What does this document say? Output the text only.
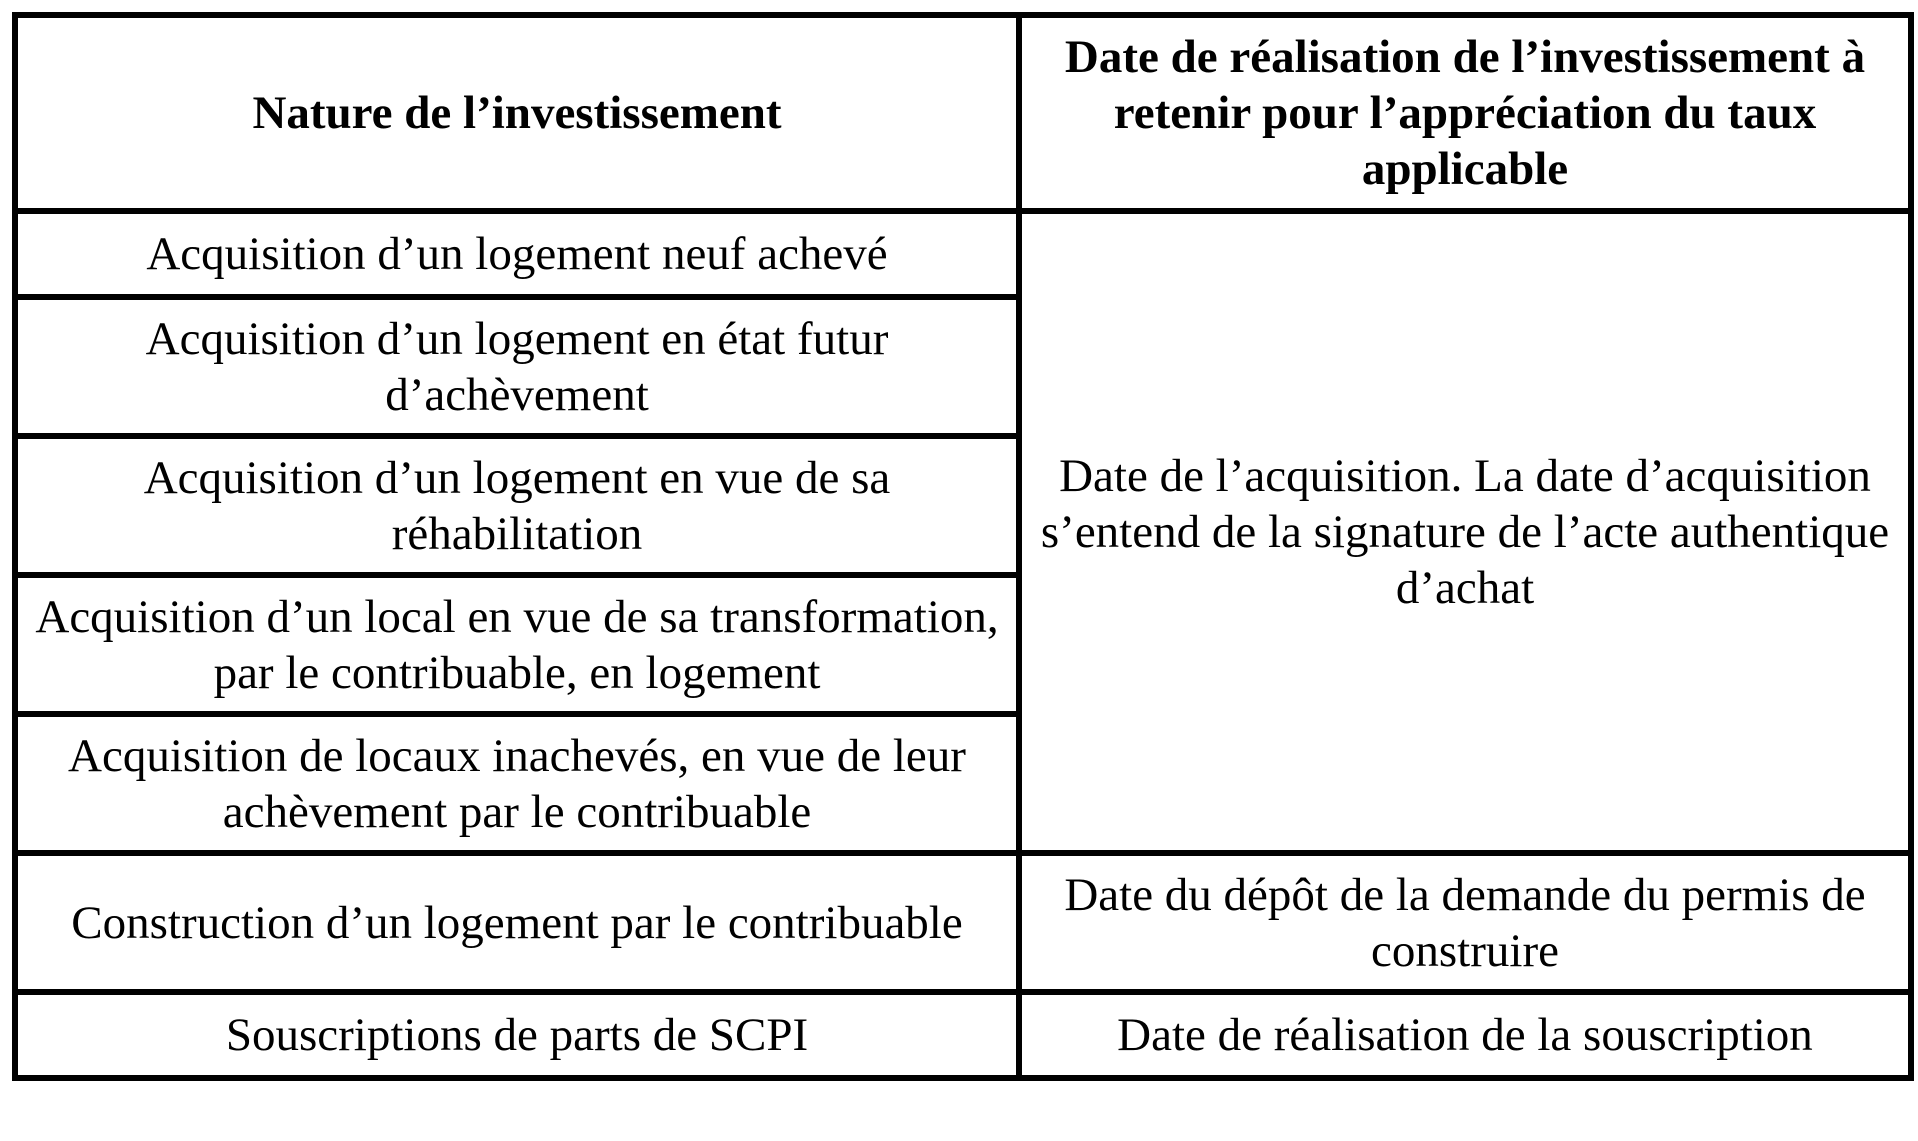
Nature de l’investissement	Date de réalisation de l’investissement à retenir pour l’appréciation du taux applicable
Acquisition d’un logement neuf achevé	Date de l’acquisition. La date d’acquisition s’entend de la signature de l’acte authentique d’achat
Acquisition d’un logement en état futur d’achèvement	
Acquisition d’un logement en vue de sa réhabilitation	
Acquisition d’un local en vue de sa transformation, par le contribuable, en logement	
Acquisition de locaux inachevés, en vue de leur achèvement par le contribuable	
Construction d’un logement par le contribuable	Date du dépôt de la demande du permis de construire
Souscriptions de parts de SCPI	Date de réalisation de la souscription
